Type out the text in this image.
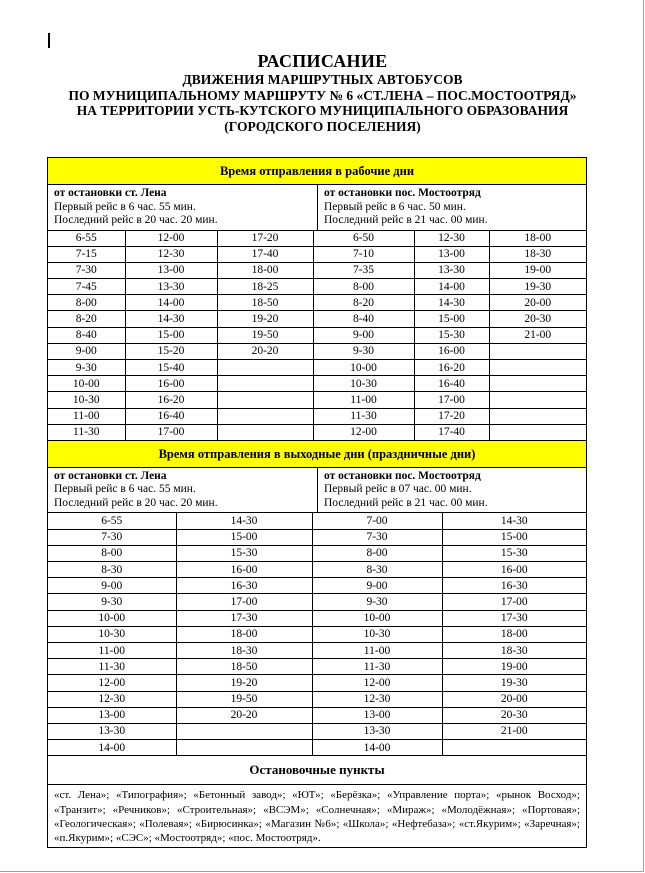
РАСПИСАНИЕ
ДВИЖЕНИЯ МАРШРУТНЫХ АВТОБУСОВ
ПО МУНИЦИПАЛЬНОМУ МАРШРУТУ № 6 «СТ.ЛЕНА – ПОС.МОСТООТРЯД»
НА ТЕРРИТОРИИ УСТЬ-КУТСКОГО МУНИЦИПАЛЬНОГО ОБРАЗОВАНИЯ
(ГОРОДСКОГО ПОСЕЛЕНИЯ)
Время отправления в рабочие дни
от остановки ст. Лена
Первый рейс в 6 час. 55 мин.
Последний рейс в 20 час. 20 мин.
от остановки пос. Мостоотряд
Первый рейс в 6 час. 50 мин.
Последний рейс в 21 час. 00 мин.
6-55	12-00	17-20	6-50	12-30	18-00
7-15	12-30	17-40	7-10	13-00	18-30
7-30	13-00	18-00	7-35	13-30	19-00
7-45	13-30	18-25	8-00	14-00	19-30
8-00	14-00	18-50	8-20	14-30	20-00
8-20	14-30	19-20	8-40	15-00	20-30
8-40	15-00	19-50	9-00	15-30	21-00
9-00	15-20	20-20	9-30	16-00	
9-30	15-40		10-00	16-20	
10-00	16-00		10-30	16-40	
10-30	16-20		11-00	17-00	
11-00	16-40		11-30	17-20	
11-30	17-00		12-00	17-40	
Время отправления в выходные дни (праздничные дни)
от остановки ст. Лена
Первый рейс в 6 час. 55 мин.
Последний рейс в 20 час. 20 мин.
от остановки пос. Мостоотряд
Первый рейс в 07 час. 00 мин.
Последний рейс в 21 час. 00 мин.
6-55	14-30	7-00	14-30
7-30	15-00	7-30	15-00
8-00	15-30	8-00	15-30
8-30	16-00	8-30	16-00
9-00	16-30	9-00	16-30
9-30	17-00	9-30	17-00
10-00	17-30	10-00	17-30
10-30	18-00	10-30	18-00
11-00	18-30	11-00	18-30
11-30	18-50	11-30	19-00
12-00	19-20	12-00	19-30
12-30	19-50	12-30	20-00
13-00	20-20	13-00	20-30
13-30		13-30	21-00
14-00		14-00	
Остановочные пункты
«ст. Лена»; «Типография»; «Бетонный завод»; «ЮТ»; «Берёзка»; «Управление порта»; «рынок Восход»; «Транзит»; «Речников»; «Строительная»; «ВСЭМ»; «Солнечная»; «Мираж»; «Молодёжная»; «Портовая»; «Геологическая»; «Полевая»; «Бирюсинка»; «Магазин №6»; «Школа»; «Нефтебаза»; «ст.Якурим»; «Заречная»; «п.Якурим»; «СЭС»; «Мостоотряд»; «пос. Мостоотряд».
